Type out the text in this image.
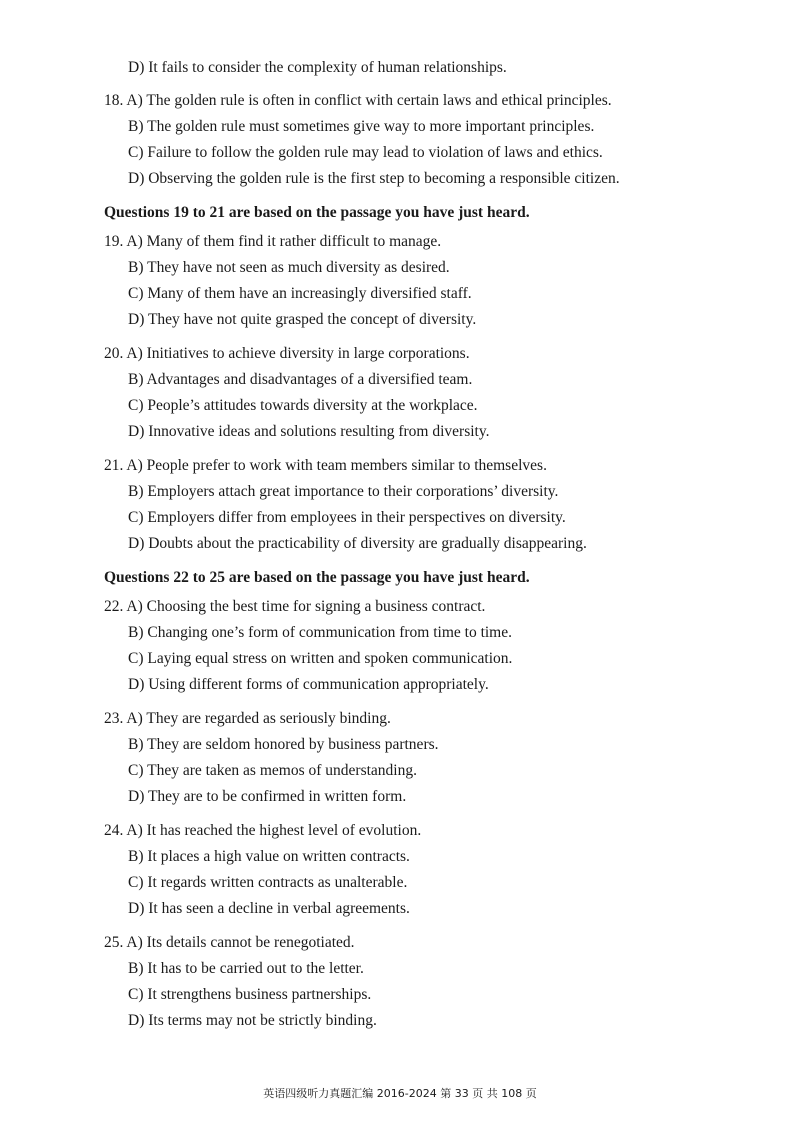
D) It fails to consider the complexity of human relationships.
18. A) The golden rule is often in conflict with certain laws and ethical principles.
B) The golden rule must sometimes give way to more important principles.
C) Failure to follow the golden rule may lead to violation of laws and ethics.
D) Observing the golden rule is the first step to becoming a responsible citizen.
Questions 19 to 21 are based on the passage you have just heard.
19. A) Many of them find it rather difficult to manage.
B) They have not seen as much diversity as desired.
C) Many of them have an increasingly diversified staff.
D) They have not quite grasped the concept of diversity.
20. A) Initiatives to achieve diversity in large corporations.
B) Advantages and disadvantages of a diversified team.
C) People’s attitudes towards diversity at the workplace.
D) Innovative ideas and solutions resulting from diversity.
21. A) People prefer to work with team members similar to themselves.
B) Employers attach great importance to their corporations’ diversity.
C) Employers differ from employees in their perspectives on diversity.
D) Doubts about the practicability of diversity are gradually disappearing.
Questions 22 to 25 are based on the passage you have just heard.
22. A) Choosing the best time for signing a business contract.
B) Changing one’s form of communication from time to time.
C) Laying equal stress on written and spoken communication.
D) Using different forms of communication appropriately.
23. A) They are regarded as seriously binding.
B) They are seldom honored by business partners.
C) They are taken as memos of understanding.
D) They are to be confirmed in written form.
24. A) It has reached the highest level of evolution.
B) It places a high value on written contracts.
C) It regards written contracts as unalterable.
D) It has seen a decline in verbal agreements.
25. A) Its details cannot be renegotiated.
B) It has to be carried out to the letter.
C) It strengthens business partnerships.
D) Its terms may not be strictly binding.
英语四级听力真题汇编 2016-2024 第 33 页 共 108 页
